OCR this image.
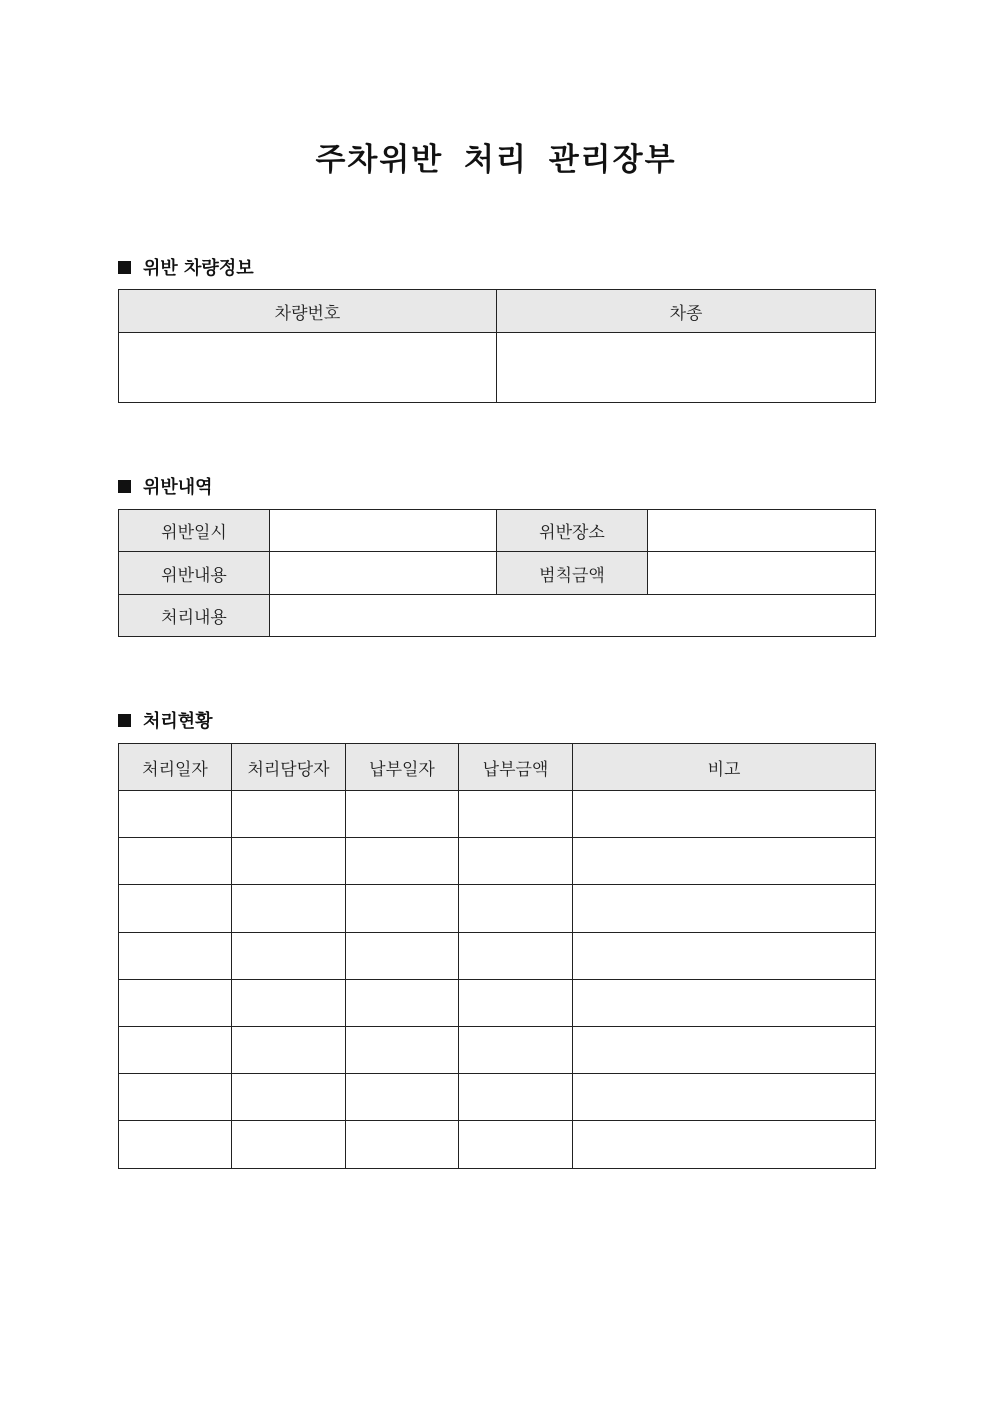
주차위반 처리 관리장부
위반 차량정보
차량번호	차종

위반내역
위반일시		위반장소	
위반내용		범칙금액	
처리내용			
처리현황
처리일자	처리담당자	납부일자	납부금액	비고
